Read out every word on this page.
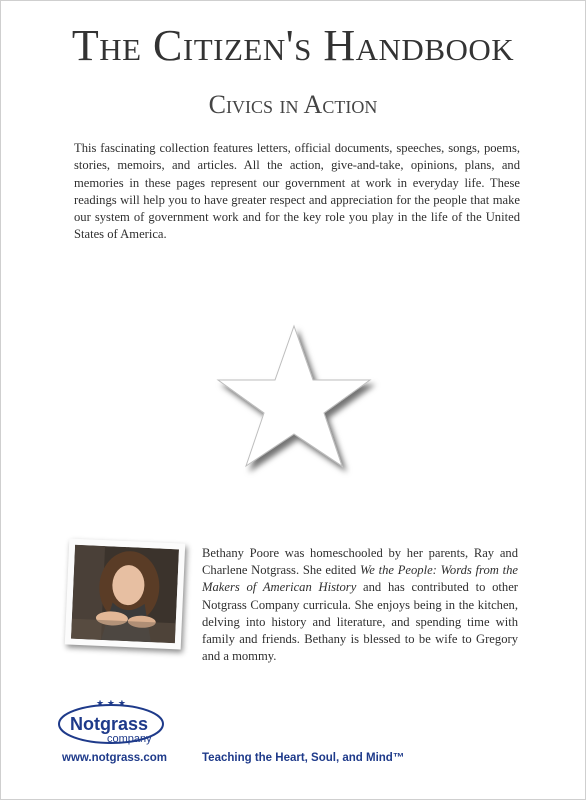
The Citizen's Handbook
Civics in Action

This fascinating collection features letters, official documents, speeches, songs, poems, stories, memoirs, and articles. All the action, give-and-take, opinions, plans, and memories in these pages represent our government at work in everyday life. These readings will help you to have greater respect and appreciation for the people that make our system of government work and for the key role you play in the life of the United States of America.

Bethany Poore was homeschooled by her parents, Ray and Charlene Notgrass. She edited We the People: Words from the Makers of American History and has contributed to other Notgrass Company curricula. She enjoys being in the kitchen, delving into history and literature, and spending time with family and friends. Bethany is blessed to be wife to Gregory and a mommy.

★ ★ ★
Notgrass
company
www.notgrass.com	Teaching the Heart, Soul, and Mind™
